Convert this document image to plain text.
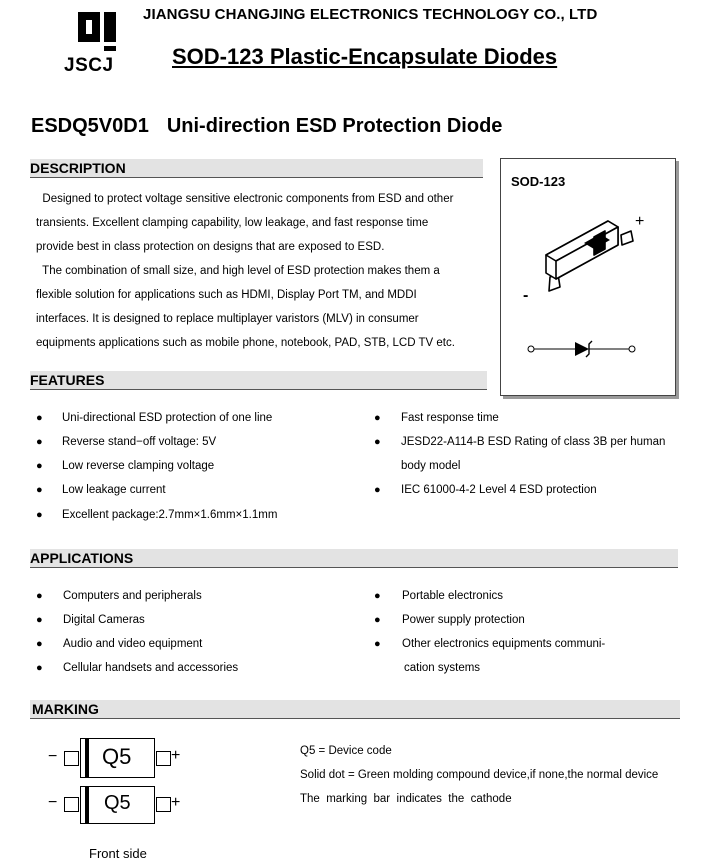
JSCJ
JIANGSU CHANGJING ELECTRONICS TECHNOLOGY CO., LTD
SOD-123 Plastic-Encapsulate Diodes
ESDQ5V0D1 Uni-direction ESD Protection Diode
DESCRIPTION
Designed to protect voltage sensitive electronic components from ESD and other
transients. Excellent clamping capability, low leakage, and fast response time
provide best in class protection on designs that are exposed to ESD.
The combination of small size, and high level of ESD protection makes them a
flexible solution for applications such as HDMI, Display Port TM, and MDDI
interfaces. It is designed to replace multiplayer varistors (MLV) in consumer
equipments applications such as mobile phone, notebook, PAD, STB, LCD TV etc.
SOD-123
+
-
FEATURES
● Uni-directional ESD protection of one line
● Reverse stand−off voltage: 5V
● Low reverse clamping voltage
● Low leakage current
● Excellent package:2.7mm×1.6mm×1.1mm
● Fast response time
● JESD22-A114-B ESD Rating of class 3B per human
body model
● IEC 61000-4-2 Level 4 ESD protection
APPLICATIONS
● Computers and peripherals
● Digital Cameras
● Audio and video equipment
● Cellular handsets and accessories
● Portable electronics
● Power supply protection
● Other electronics equipments communi-
cation systems
MARKING
− Q5 +
− Q5	+
Front side
Q5 = Device code
Solid dot = Green molding compound device,if none,the normal device
The  marking  bar  indicates  the  cathode
